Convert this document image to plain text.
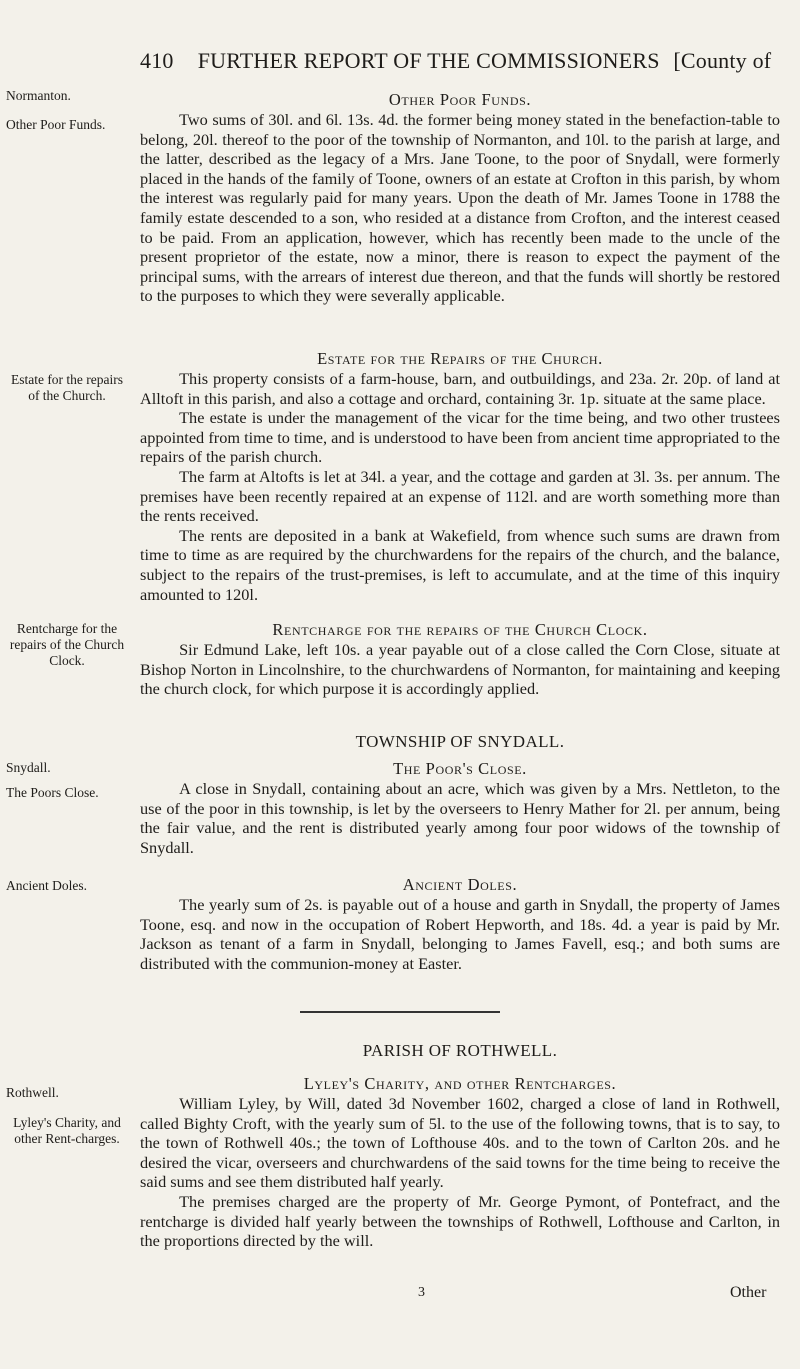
410 FURTHER REPORT OF THE COMMISSIONERS [County of
Normanton.
Other Poor Funds.
Estate for the repairs of the Church.
Rentcharge for the repairs of the Church Clock.
Snydall.
The Poors Close.
Ancient Doles.
Rothwell.
Lyley's Charity, and other Rent-charges.
Other Poor Funds.

Two sums of 30l. and 6l. 13s. 4d. the former being money stated in the benefaction-table to belong, 20l. thereof to the poor of the township of Normanton, and 10l. to the parish at large, and the latter, described as the legacy of a Mrs. Jane Toone, to the poor of Snydall, were formerly placed in the hands of the family of Toone, owners of an estate at Crofton in this parish, by whom the interest was regularly paid for many years. Upon the death of Mr. James Toone in 1788 the family estate descended to a son, who resided at a distance from Crofton, and the interest ceased to be paid. From an application, however, which has recently been made to the uncle of the present proprietor of the estate, now a minor, there is reason to expect the payment of the principal sums, with the arrears of interest due thereon, and that the funds will shortly be restored to the purposes to which they were severally applicable.

Estate for the Repairs of the Church.

This property consists of a farm-house, barn, and outbuildings, and 23a. 2r. 20p. of land at Alltoft in this parish, and also a cottage and orchard, containing 3r. 1p. situate at the same place.

The estate is under the management of the vicar for the time being, and two other trustees appointed from time to time, and is understood to have been from ancient time appropriated to the repairs of the parish church.

The farm at Altofts is let at 34l. a year, and the cottage and garden at 3l. 3s. per annum. The premises have been recently repaired at an expense of 112l. and are worth something more than the rents received.

The rents are deposited in a bank at Wakefield, from whence such sums are drawn from time to time as are required by the churchwardens for the repairs of the church, and the balance, subject to the repairs of the trust-premises, is left to accumulate, and at the time of this inquiry amounted to 120l.

Rentcharge for the repairs of the Church Clock.

Sir Edmund Lake, left 10s. a year payable out of a close called the Corn Close, situate at Bishop Norton in Lincolnshire, to the churchwardens of Normanton, for maintaining and keeping the church clock, for which purpose it is accordingly applied.

TOWNSHIP OF SNYDALL.
The Poor's Close.

A close in Snydall, containing about an acre, which was given by a Mrs. Nettleton, to the use of the poor in this township, is let by the overseers to Henry Mather for 2l. per annum, being the fair value, and the rent is distributed yearly among four poor widows of the township of Snydall.

Ancient Doles.

The yearly sum of 2s. is payable out of a house and garth in Snydall, the property of James Toone, esq. and now in the occupation of Robert Hepworth, and 18s. 4d. a year is paid by Mr. Jackson as tenant of a farm in Snydall, belonging to James Favell, esq.; and both sums are distributed with the communion-money at Easter.

PARISH OF ROTHWELL.
Lyley's Charity, and other Rentcharges.

William Lyley, by Will, dated 3d November 1602, charged a close of land in Rothwell, called Bighty Croft, with the yearly sum of 5l. to the use of the following towns, that is to say, to the town of Rothwell 40s.; the town of Lofthouse 40s. and to the town of Carlton 20s. and he desired the vicar, overseers and churchwardens of the said towns for the time being to receive the said sums and see them distributed half yearly.

The premises charged are the property of Mr. George Pymont, of Pontefract, and the rentcharge is divided half yearly between the townships of Rothwell, Lofthouse and Carlton, in the proportions directed by the will.

3	Other
